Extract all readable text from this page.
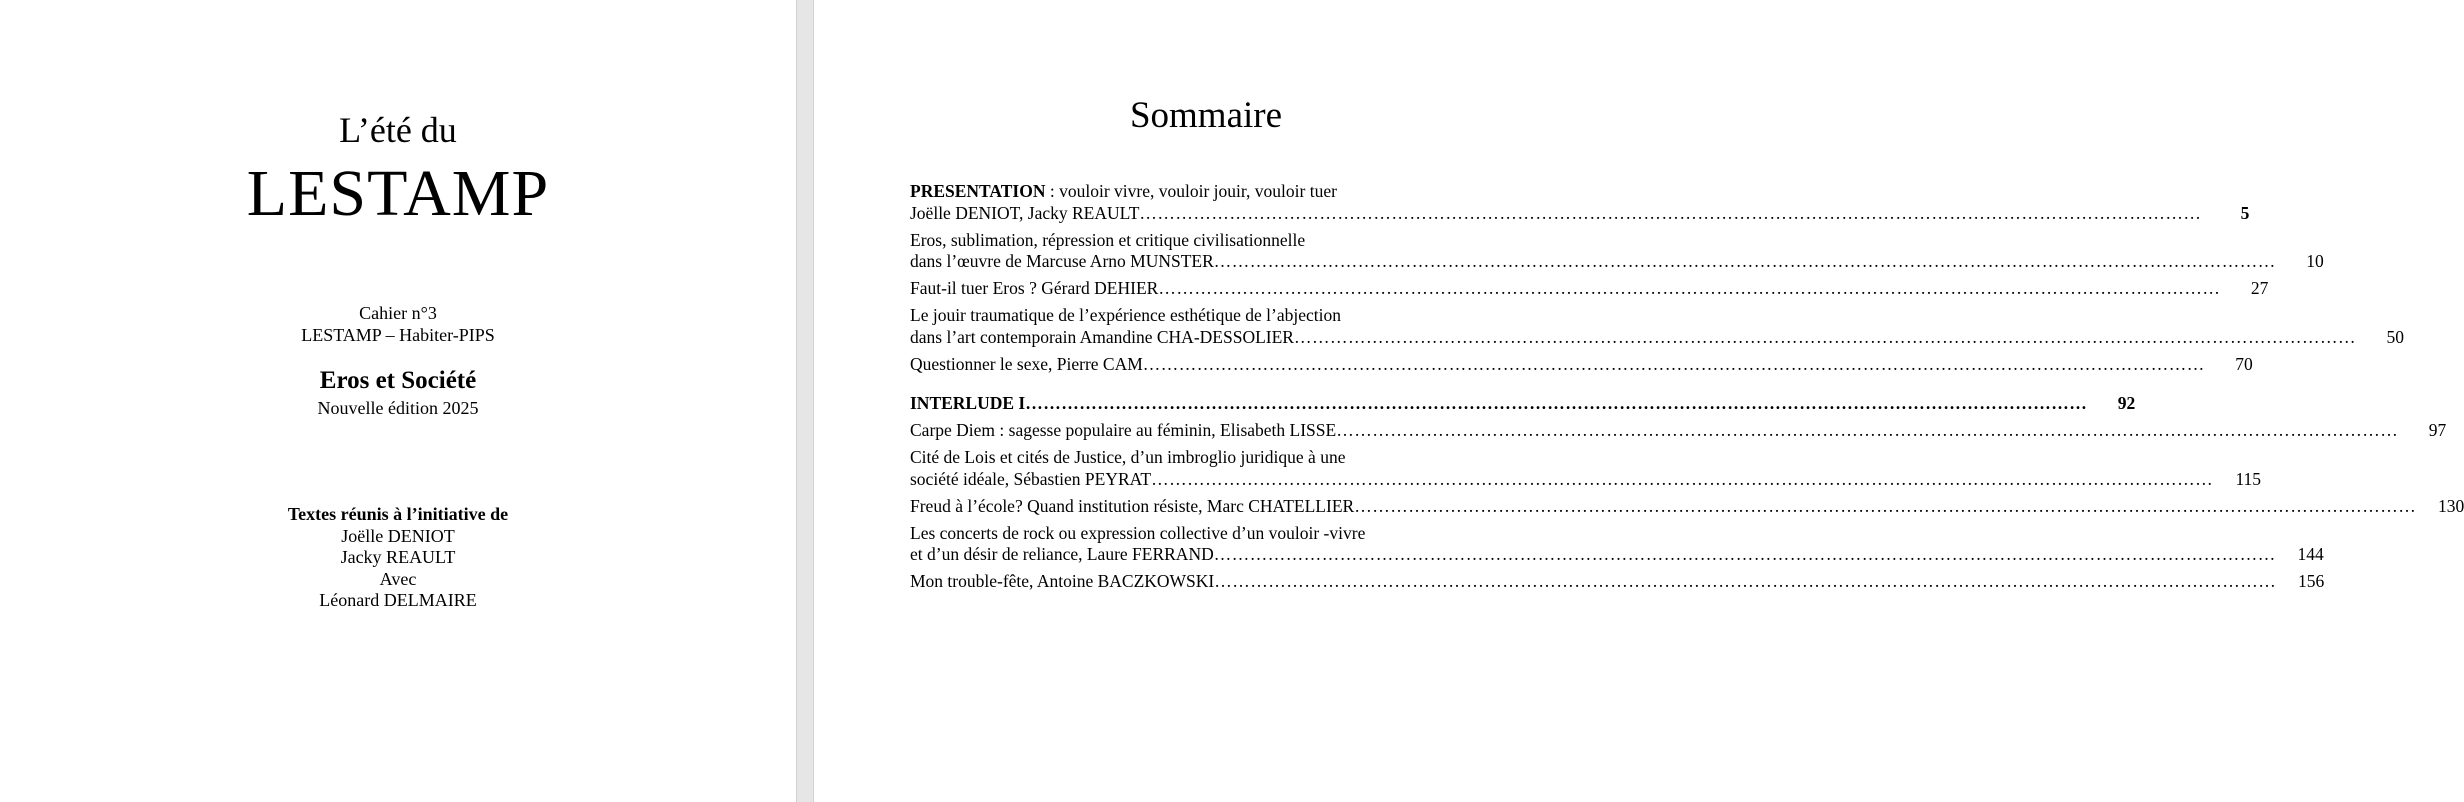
L’été du
LESTAMP
Cahier n°3
LESTAMP – Habiter-PIPS
Eros et Société
Nouvelle édition 2025
Textes réunis à l’initiative de
Joëlle DENIOT
Jacky REAULT
Avec
Léonard DELMAIRE
Sommaire
PRESENTATION : vouloir vivre, vouloir jouir, vouloir tuer
Joëlle DENIOT, Jacky REAULT ……………………………………………………………………………………………………………………………………………………………	5
Eros, sublimation, répression et critique civilisationnelle
dans l’œuvre de Marcuse Arno MUNSTER ……………………………………………………………………………………………………………………………………………………………	10
Faut-il tuer Eros ? Gérard DEHIER ……………………………………………………………………………………………………………………………………………………………	27
Le jouir traumatique de l’expérience esthétique de l’abjection
dans l’art contemporain Amandine CHA-DESSOLIER ……………………………………………………………………………………………………………………………………………………………	50
Questionner le sexe, Pierre CAM ……………………………………………………………………………………………………………………………………………………………	70
INTERLUDE I ……………………………………………………………………………………………………………………………………………………………	92
Carpe Diem : sagesse populaire au féminin, Elisabeth LISSE ……………………………………………………………………………………………………………………………………………………………	97
Cité de Lois et cités de Justice, d’un imbroglio juridique à une
société idéale, Sébastien PEYRAT ……………………………………………………………………………………………………………………………………………………………	115
Freud à l’école? Quand institution résiste, Marc CHATELLIER ……………………………………………………………………………………………………………………………………………………………	130
Les concerts de rock ou expression collective d’un vouloir -vivre
et d’un désir de reliance, Laure FERRAND ……………………………………………………………………………………………………………………………………………………………	144
Mon trouble-fête, Antoine BACZKOWSKI ……………………………………………………………………………………………………………………………………………………………	156
